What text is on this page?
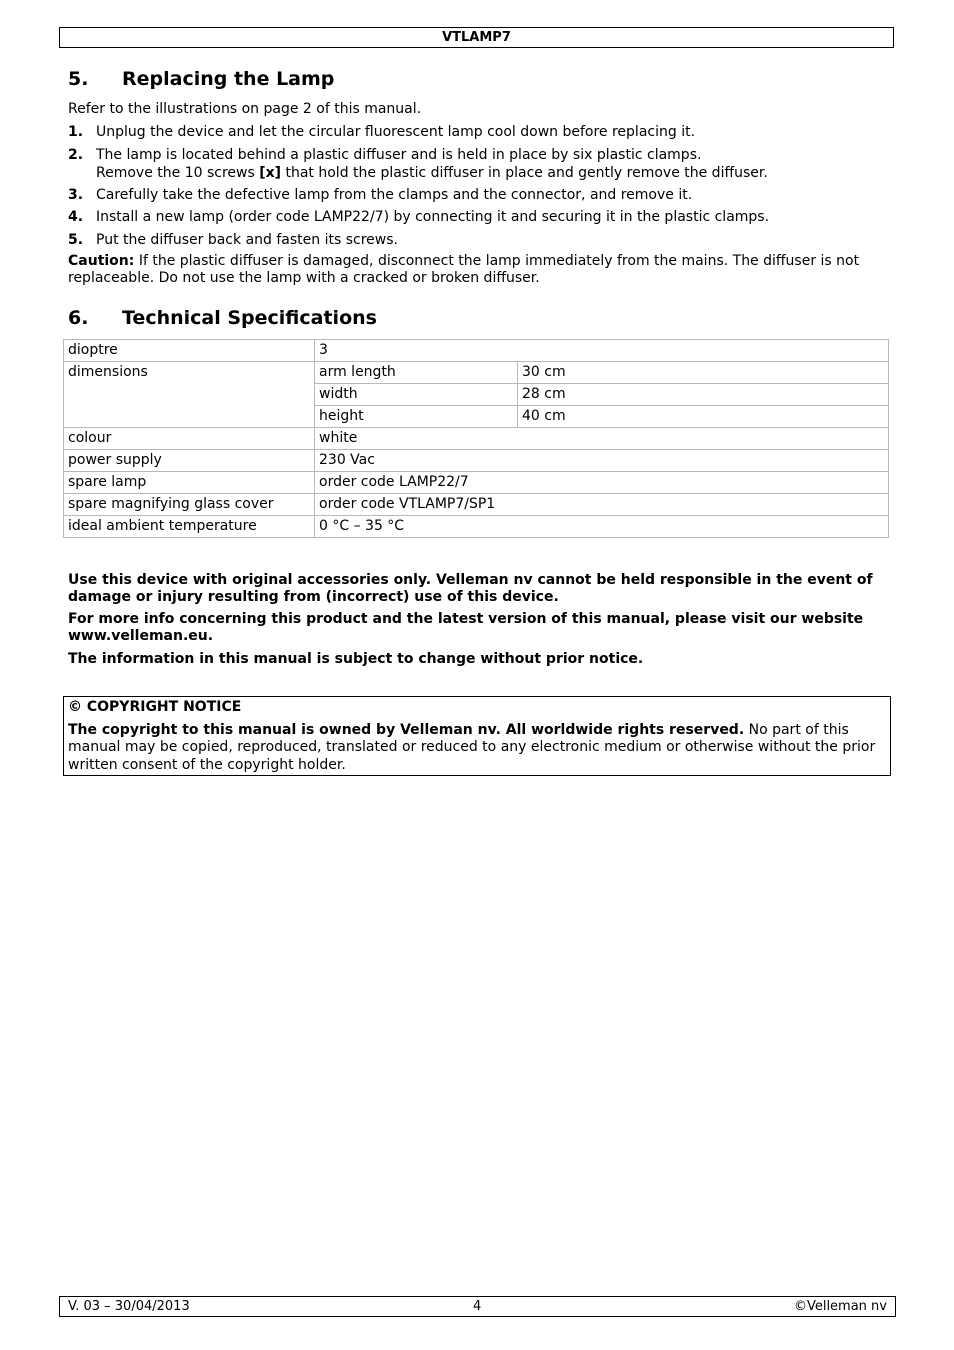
VTLAMP7
5. Replacing the Lamp

Refer to the illustrations on page 2 of this manual.

1. Unplug the device and let the circular fluorescent lamp cool down before replacing it.
2. The lamp is located behind a plastic diffuser and is held in place by six plastic clamps.
Remove the 10 screws [x] that hold the plastic diffuser in place and gently remove the diffuser.
3. Carefully take the defective lamp from the clamps and the connector, and remove it.
4. Install a new lamp (order code LAMP22/7) by connecting it and securing it in the plastic clamps.
5. Put the diffuser back and fasten its screws.

Caution: If the plastic diffuser is damaged, disconnect the lamp immediately from the mains. The diffuser is not replaceable. Do not use the lamp with a cracked or broken diffuser.

6. Technical Specifications
dioptre	3	
dimensions	arm length	30 cm
	width	28 cm
	height	40 cm
colour	white	
power supply	230 Vac	
spare lamp	order code LAMP22/7	
spare magnifying glass cover	order code VTLAMP7/SP1	
ideal ambient temperature	0 °C – 35 °C	

Use this device with original accessories only. Velleman nv cannot be held responsible in the event of damage or injury resulting from (incorrect) use of this device.

For more info concerning this product and the latest version of this manual, please visit our website www.velleman.eu.

The information in this manual is subject to change without prior notice.

© COPYRIGHT NOTICE
The copyright to this manual is owned by Velleman nv. All worldwide rights reserved. No part of this manual may be copied, reproduced, translated or reduced to any electronic medium or otherwise without the prior written consent of the copyright holder.
V. 03 – 30/04/2013	4	©Velleman nv
